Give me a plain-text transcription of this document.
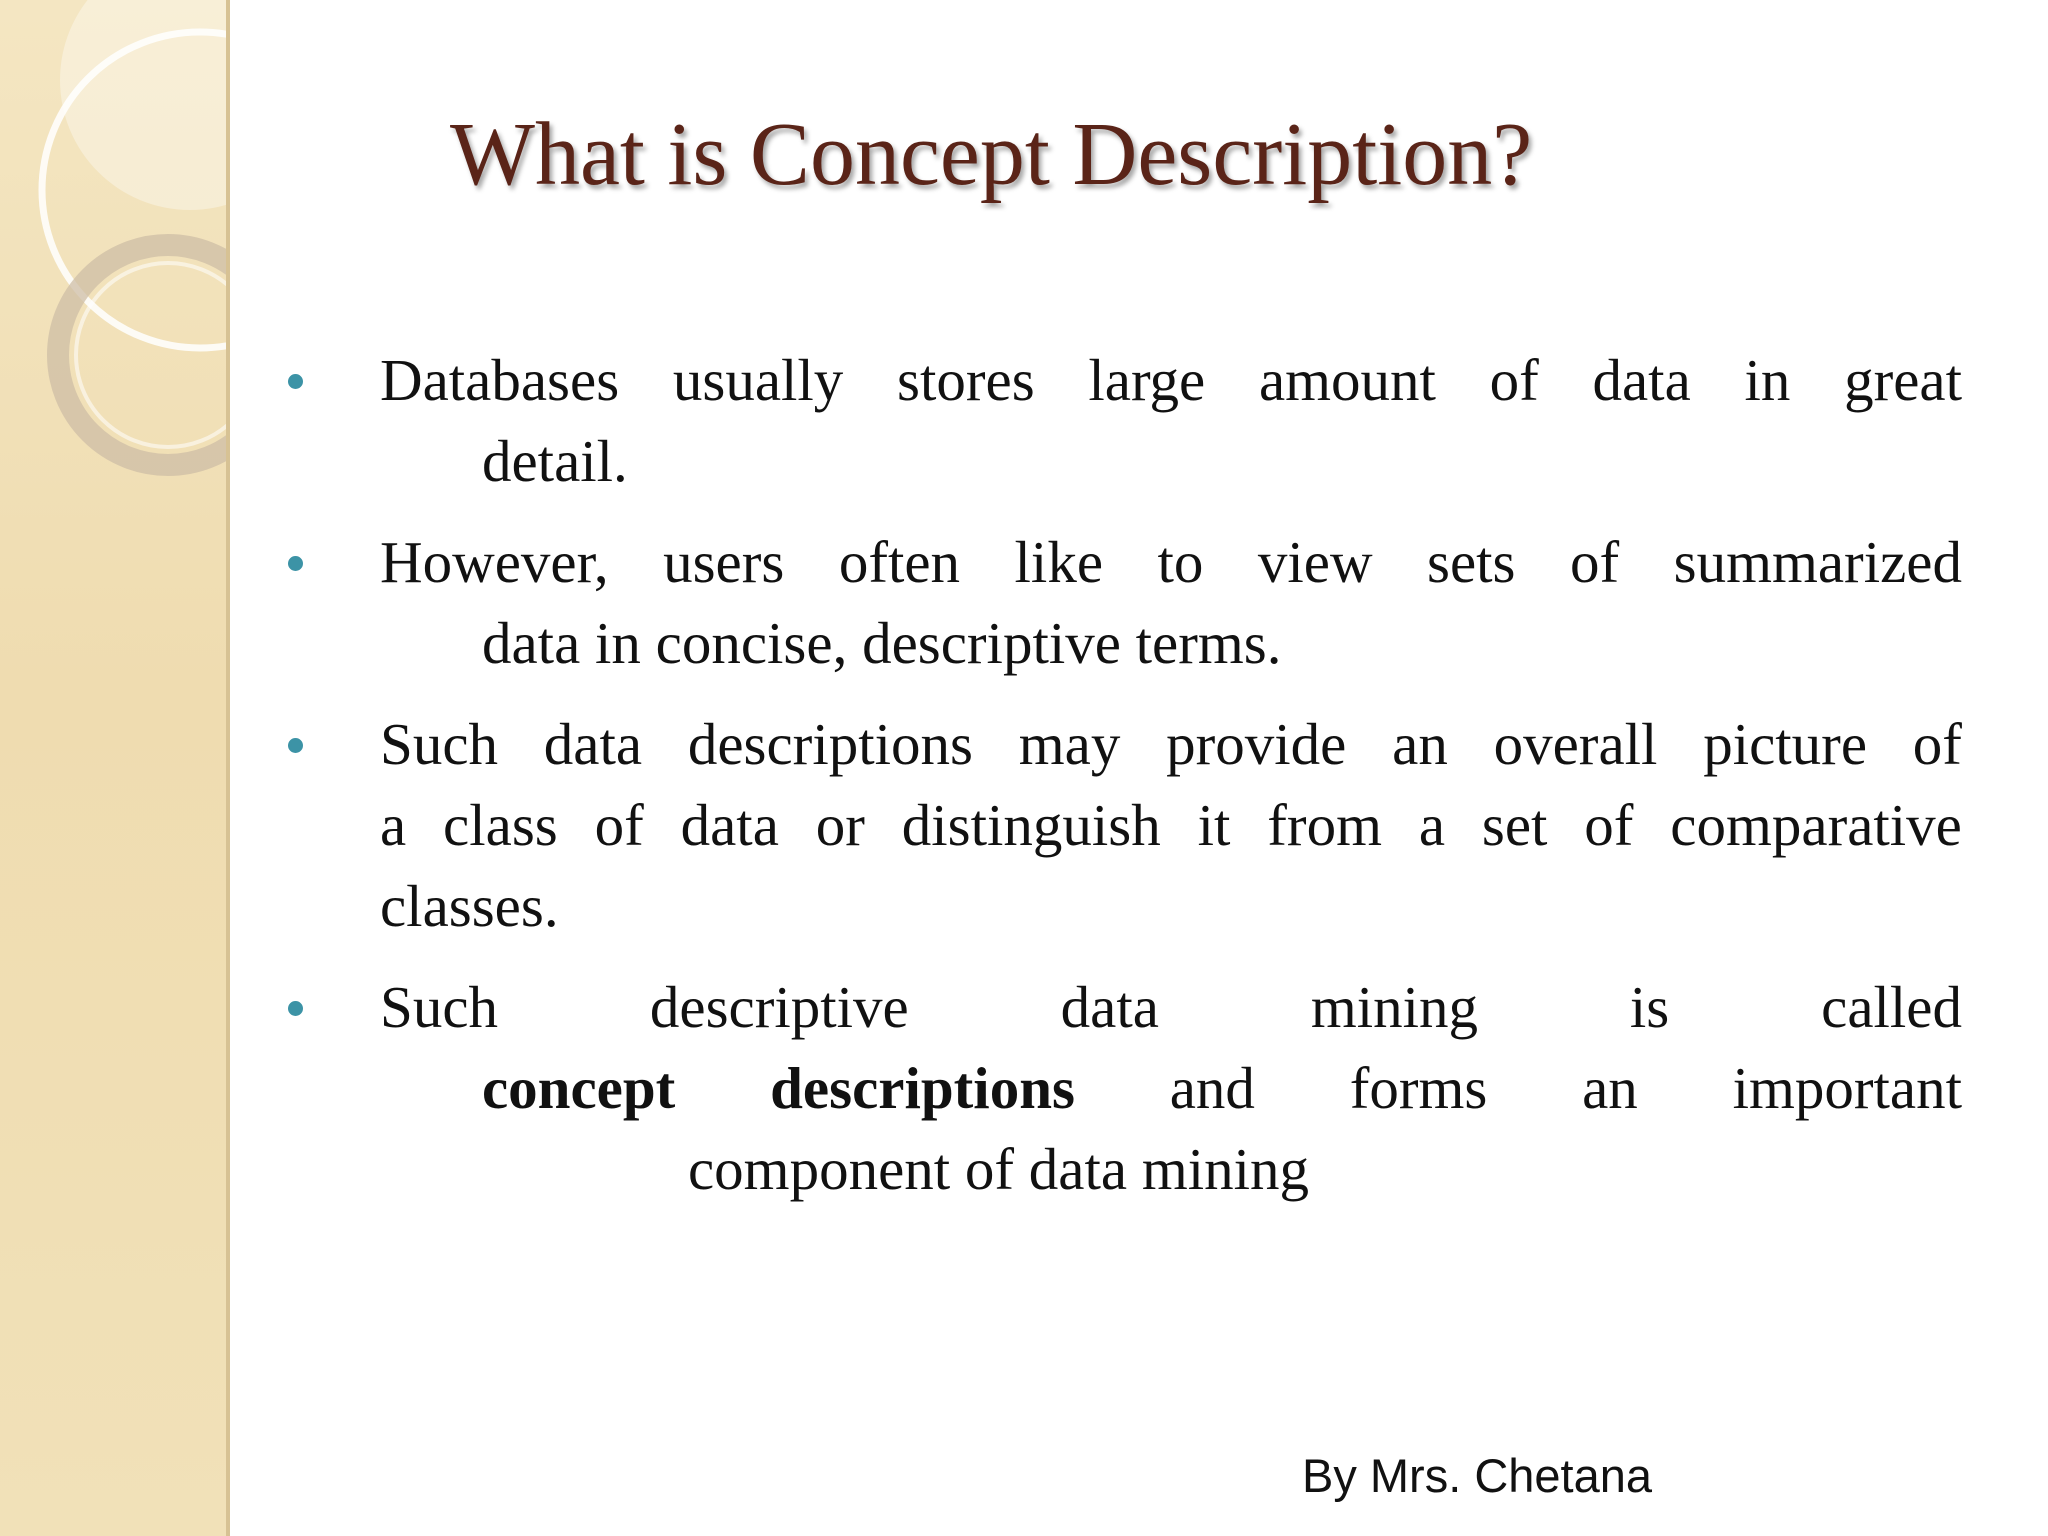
What is Concept Description?
Databases usually stores large amount of data in great
detail.
However, users often like to view sets of summarized
data in concise, descriptive terms.
Such data descriptions may provide an overall picture of
a class of data or distinguish it from a set of comparative
classes.
Such	descriptive	data	mining	is	called
concept descriptions and forms an important
component of data mining
By Mrs. Chetana
